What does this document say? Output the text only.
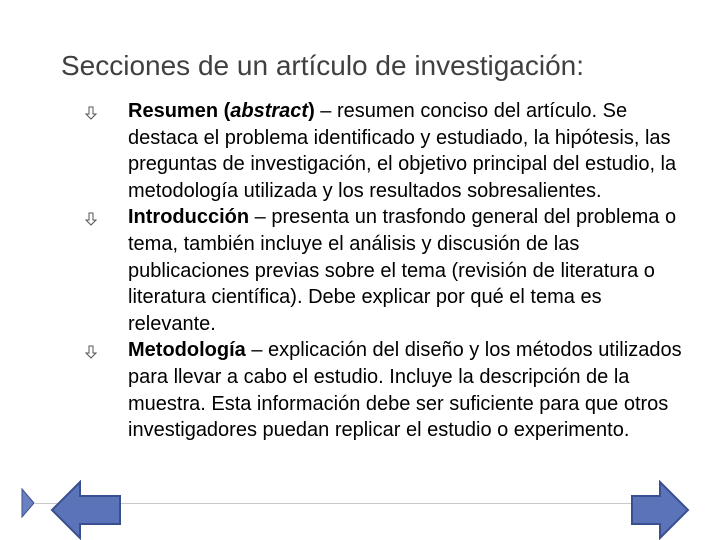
Secciones de un artículo de investigación:
Resumen (abstract) – resumen conciso del artículo. Se destaca el problema identificado y estudiado, la hipótesis, las preguntas de investigación, el objetivo principal del estudio, la metodología utilizada y los resultados sobresalientes.
Introducción – presenta un trasfondo general del problema o tema, también incluye el análisis y discusión de las publicaciones previas sobre el tema (revisión de literatura o literatura científica). Debe explicar por qué el tema es relevante.
Metodología – explicación del diseño y los métodos utilizados para llevar a cabo el estudio. Incluye la descripción de la muestra. Esta información debe ser suficiente para que otros investigadores puedan replicar el estudio o experimento.
